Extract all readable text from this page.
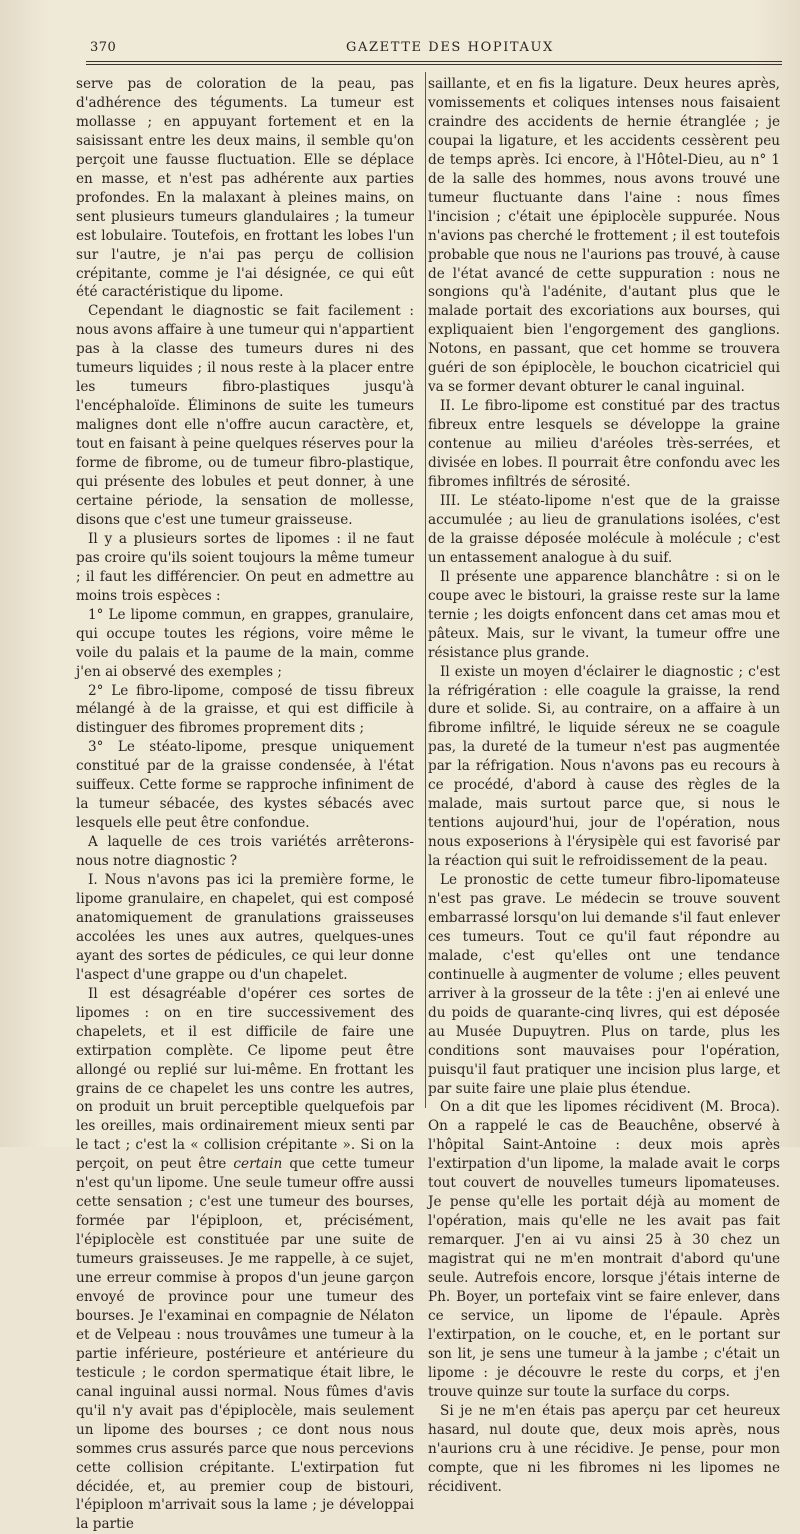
370	GAZETTE DES HOPITAUX

serve pas de coloration de la peau, pas d'adhérence des téguments. La tumeur est mollasse ; en appuyant fortement et en la saisissant entre les deux mains, il semble qu'on perçoit une fausse fluctuation. Elle se déplace en masse, et n'est pas adhérente aux parties profondes. En la malaxant à pleines mains, on sent plusieurs tumeurs glandulaires ; la tumeur est lobulaire. Toutefois, en frottant les lobes l'un sur l'autre, je n'ai pas perçu de collision crépitante, comme je l'ai désignée, ce qui eût été caractéristique du lipome.

Cependant le diagnostic se fait facilement : nous avons affaire à une tumeur qui n'appartient pas à la classe des tumeurs dures ni des tumeurs liquides ; il nous reste à la placer entre les tumeurs fibro-plastiques jusqu'à l'encéphaloïde. Éliminons de suite les tumeurs malignes dont elle n'offre aucun caractère, et, tout en faisant à peine quelques réserves pour la forme de fibrome, ou de tumeur fibro-plastique, qui présente des lobules et peut donner, à une certaine période, la sensation de mollesse, disons que c'est une tumeur graisseuse.

Il y a plusieurs sortes de lipomes : il ne faut pas croire qu'ils soient toujours la même tumeur ; il faut les différencier. On peut en admettre au moins trois espèces :

1° Le lipome commun, en grappes, granulaire, qui occupe toutes les régions, voire même le voile du palais et la paume de la main, comme j'en ai observé des exemples ;

2° Le fibro-lipome, composé de tissu fibreux mélangé à de la graisse, et qui est difficile à distinguer des fibromes proprement dits ;

3° Le stéato-lipome, presque uniquement constitué par de la graisse condensée, à l'état suiffeux. Cette forme se rapproche infiniment de la tumeur sébacée, des kystes sébacés avec lesquels elle peut être confondue.

A laquelle de ces trois variétés arrêterons-nous notre diagnostic ?

I. Nous n'avons pas ici la première forme, le lipome granulaire, en chapelet, qui est composé anatomiquement de granulations graisseuses accolées les unes aux autres, quelques-unes ayant des sortes de pédicules, ce qui leur donne l'aspect d'une grappe ou d'un chapelet.

Il est désagréable d'opérer ces sortes de lipomes : on en tire successivement des chapelets, et il est difficile de faire une extirpation complète. Ce lipome peut être allongé ou replié sur lui-même. En frottant les grains de ce chapelet les uns contre les autres, on produit un bruit perceptible quelquefois par les oreilles, mais ordinairement mieux senti par le tact ; c'est la « collision crépitante ». Si on la perçoit, on peut être certain que cette tumeur n'est qu'un lipome. Une seule tumeur offre aussi cette sensation ; c'est une tumeur des bourses, formée par l'épiploon, et, précisément, l'épiplocèle est constituée par une suite de tumeurs graisseuses. Je me rappelle, à ce sujet, une erreur commise à propos d'un jeune garçon envoyé de province pour une tumeur des bourses. Je l'examinai en compagnie de Nélaton et de Velpeau : nous trouvâmes une tumeur à la partie inférieure, postérieure et antérieure du testicule ; le cordon spermatique était libre, le canal inguinal aussi normal. Nous fûmes d'avis qu'il n'y avait pas d'épiplocèle, mais seulement un lipome des bourses ; ce dont nous nous sommes crus assurés parce que nous percevions cette collision crépitante. L'extirpation fut décidée, et, au premier coup de bistouri, l'épiploon m'arrivait sous la lame ; je développai la partie

saillante, et en fis la ligature. Deux heures après, vomissements et coliques intenses nous faisaient craindre des accidents de hernie étranglée ; je coupai la ligature, et les accidents cessèrent peu de temps après. Ici encore, à l'Hôtel-Dieu, au n° 1 de la salle des hommes, nous avons trouvé une tumeur fluctuante dans l'aine : nous fîmes l'incision ; c'était une épiplocèle suppurée. Nous n'avions pas cherché le frottement ; il est toutefois probable que nous ne l'aurions pas trouvé, à cause de l'état avancé de cette suppuration : nous ne songions qu'à l'adénite, d'autant plus que le malade portait des excoriations aux bourses, qui expliquaient bien l'engorgement des ganglions. Notons, en passant, que cet homme se trouvera guéri de son épiplocèle, le bouchon cicatriciel qui va se former devant obturer le canal inguinal.

II. Le fibro-lipome est constitué par des tractus fibreux entre lesquels se développe la graine contenue au milieu d'aréoles très-serrées, et divisée en lobes. Il pourrait être confondu avec les fibromes infiltrés de sérosité.

III. Le stéato-lipome n'est que de la graisse accumulée ; au lieu de granulations isolées, c'est de la graisse déposée molécule à molécule ; c'est un entassement analogue à du suif.

Il présente une apparence blanchâtre : si on le coupe avec le bistouri, la graisse reste sur la lame ternie ; les doigts enfoncent dans cet amas mou et pâteux. Mais, sur le vivant, la tumeur offre une résistance plus grande.

Il existe un moyen d'éclairer le diagnostic ; c'est la réfrigération : elle coagule la graisse, la rend dure et solide. Si, au contraire, on a affaire à un fibrome infiltré, le liquide séreux ne se coagule pas, la dureté de la tumeur n'est pas augmentée par la réfrigation. Nous n'avons pas eu recours à ce procédé, d'abord à cause des règles de la malade, mais surtout parce que, si nous le tentions aujourd'hui, jour de l'opération, nous nous exposerions à l'érysipèle qui est favorisé par la réaction qui suit le refroidissement de la peau.

Le pronostic de cette tumeur fibro-lipomateuse n'est pas grave. Le médecin se trouve souvent embarrassé lorsqu'on lui demande s'il faut enlever ces tumeurs. Tout ce qu'il faut répondre au malade, c'est qu'elles ont une tendance continuelle à augmenter de volume ; elles peuvent arriver à la grosseur de la tête : j'en ai enlevé une du poids de quarante-cinq livres, qui est déposée au Musée Dupuytren. Plus on tarde, plus les conditions sont mauvaises pour l'opération, puisqu'il faut pratiquer une incision plus large, et par suite faire une plaie plus étendue.

On a dit que les lipomes récidivent (M. Broca). On a rappelé le cas de Beauchêne, observé à l'hôpital Saint-Antoine : deux mois après l'extirpation d'un lipome, la malade avait le corps tout couvert de nouvelles tumeurs lipomateuses. Je pense qu'elle les portait déjà au moment de l'opération, mais qu'elle ne les avait pas fait remarquer. J'en ai vu ainsi 25 à 30 chez un magistrat qui ne m'en montrait d'abord qu'une seule. Autrefois encore, lorsque j'étais interne de Ph. Boyer, un portefaix vint se faire enlever, dans ce service, un lipome de l'épaule. Après l'extirpation, on le couche, et, en le portant sur son lit, je sens une tumeur à la jambe ; c'était un lipome : je découvre le reste du corps, et j'en trouve quinze sur toute la surface du corps.

Si je ne m'en étais pas aperçu par cet heureux hasard, nul doute que, deux mois après, nous n'aurions cru à une récidive. Je pense, pour mon compte, que ni les fibromes ni les lipomes ne récidivent.
